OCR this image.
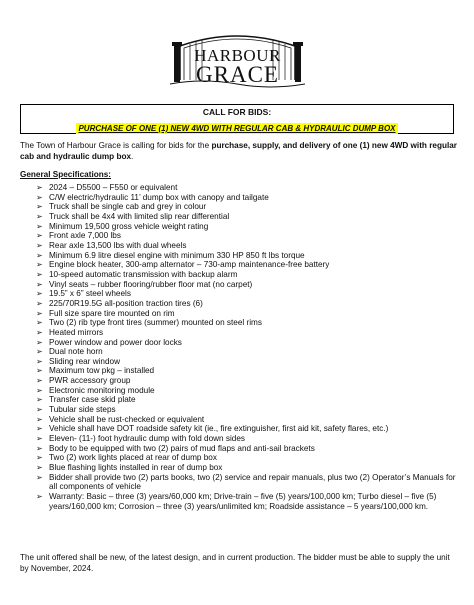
HARBOUR
GRACE
CALL FOR BIDS:
PURCHASE OF ONE (1) NEW 4WD WITH REGULAR CAB & HYDRAULIC DUMP BOX
The Town of Harbour Grace is calling for bids for the purchase, supply, and delivery of one (1) new 4WD with regular cab and hydraulic dump box.
General Specifications:
➢ 2024 – D5500 – F550 or equivalent
➢ C/W electric/hydraulic 11’ dump box with canopy and tailgate
➢ Truck shall be single cab and grey in colour
➢ Truck shall be 4x4 with limited slip rear differential
➢ Minimum 19,500 gross vehicle weight rating
➢ Front axle 7,000 lbs
➢ Rear axle 13,500 lbs with dual wheels
➢ Minimum 6.9 litre diesel engine with minimum 330 HP 850 ft lbs torque
➢ Engine block heater, 300-amp alternator – 730-amp maintenance-free battery
➢ 10-speed automatic transmission with backup alarm
➢ Vinyl seats – rubber flooring/rubber floor mat (no carpet)
➢ 19.5” x 6” steel wheels
➢ 225/70R19.5G all-position traction tires (6)
➢ Full size spare tire mounted on rim
➢ Two (2) rib type front tires (summer) mounted on steel rims
➢ Heated mirrors
➢ Power window and power door locks
➢ Dual note horn
➢ Sliding rear window
➢ Maximum tow pkg – installed
➢ PWR accessory group
➢ Electronic monitoring module
➢ Transfer case skid plate
➢ Tubular side steps
➢ Vehicle shall be rust-checked or equivalent
➢ Vehicle shall have DOT roadside safety kit (ie., fire extinguisher, first aid kit, safety flares, etc.)
➢ Eleven- (11-) foot hydraulic dump with fold down sides
➢ Body to be equipped with two (2) pairs of mud flaps and anti-sail brackets
➢ Two (2) work lights placed at rear of dump box
➢ Blue flashing lights installed in rear of dump box
➢ Bidder shall provide two (2) parts books, two (2) service and repair manuals, plus two (2) Operator’s Manuals for all components of vehicle
➢ Warranty: Basic – three (3) years/60,000 km; Drive-train – five (5) years/100,000 km; Turbo diesel – five (5) years/160,000 km; Corrosion – three (3) years/unlimited km; Roadside assistance – 5 years/100,000 km.
The unit offered shall be new, of the latest design, and in current production. The bidder must be able to supply the unit by November, 2024.
